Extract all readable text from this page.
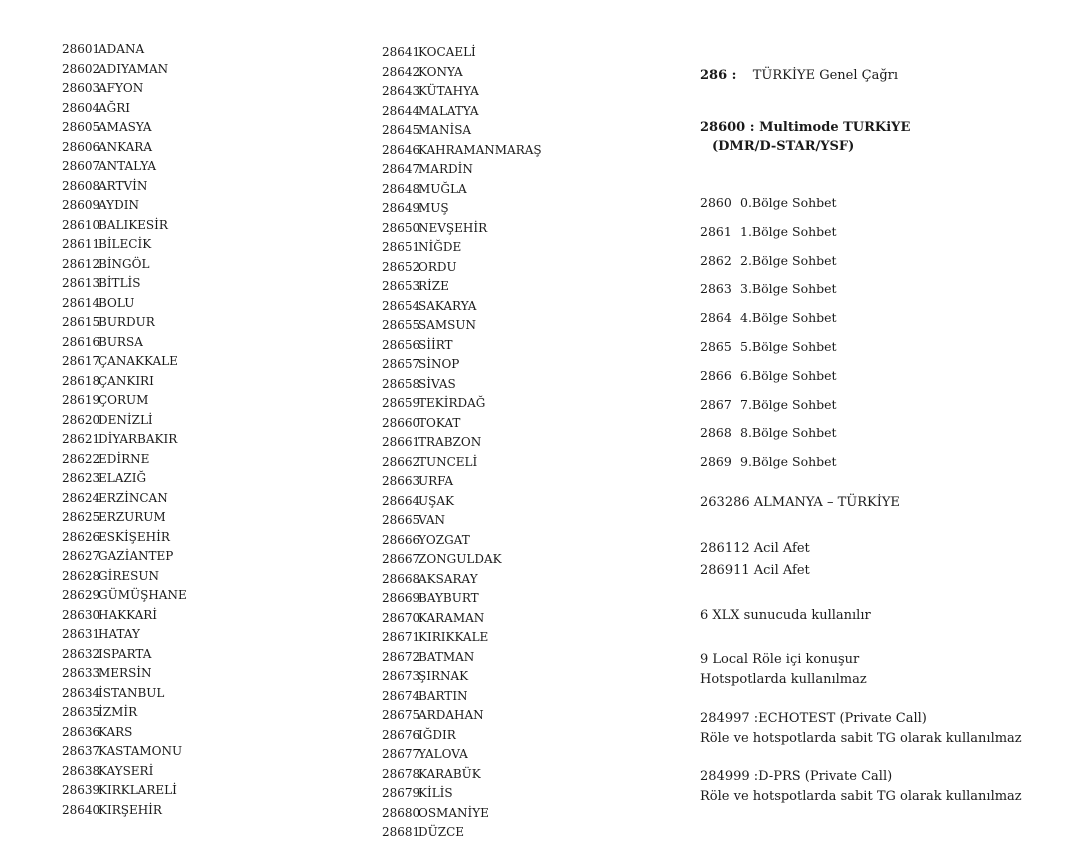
28601ADANA
28602ADIYAMAN
28603AFYON
28604AĞRI
28605AMASYA
28606ANKARA
28607ANTALYA
28608ARTVİN
28609AYDIN
28610BALIKESİR
28611BİLECİK
28612BİNGÖL
28613BİTLİS
28614BOLU
28615BURDUR
28616BURSA
28617ÇANAKKALE
28618ÇANKIRI
28619ÇORUM
28620DENİZLİ
28621DİYARBAKIR
28622EDİRNE
28623ELAZIĞ
28624ERZİNCAN
28625ERZURUM
28626ESKİŞEHİR
28627GAZİANTEP
28628GİRESUN
28629GÜMÜŞHANE
28630HAKKARİ
28631HATAY
28632ISPARTA
28633MERSİN
28634İSTANBUL
28635İZMİR
28636KARS
28637KASTAMONU
28638KAYSERİ
28639KIRKLARELİ
28640KIRŞEHİR
28641KOCAELİ
28642KONYA
28643KÜTAHYA
28644MALATYA
28645MANİSA
28646KAHRAMANMARAŞ
28647MARDİN
28648MUĞLA
28649MUŞ
28650NEVŞEHİR
28651NİĞDE
28652ORDU
28653RİZE
28654SAKARYA
28655SAMSUN
28656SİİRT
28657SİNOP
28658SİVAS
28659TEKİRDAĞ
28660TOKAT
28661TRABZON
28662TUNCELİ
28663URFA
28664UŞAK
28665VAN
28666YOZGAT
28667ZONGULDAK
28668AKSARAY
28669BAYBURT
28670KARAMAN
28671KIRIKKALE
28672BATMAN
28673ŞIRNAK
28674BARTIN
28675ARDAHAN
28676IĞDIR
28677YALOVA
28678KARABÜK
28679KİLİS
28680OSMANİYE
28681DÜZCE
286 : TÜRKİYE Genel Çağrı
28600 : Multimode TURKiYE
(DMR/D-STAR/YSF)
2860 0.Bölge Sohbet
2861 1.Bölge Sohbet
2862 2.Bölge Sohbet
2863 3.Bölge Sohbet
2864 4.Bölge Sohbet
2865 5.Bölge Sohbet
2866 6.Bölge Sohbet
2867 7.Bölge Sohbet
2868 8.Bölge Sohbet
2869 9.Bölge Sohbet
263286 ALMANYA – TÜRKİYE
286112 Acil Afet
286911 Acil Afet
6 XLX sunucuda kullanılır
9 Local Röle içi konuşur
Hotspotlarda kullanılmaz
284997 :ECHOTEST (Private Call)
Röle ve hotspotlarda sabit TG olarak kullanılmaz
284999 :D-PRS (Private Call)
Röle ve hotspotlarda sabit TG olarak kullanılmaz
